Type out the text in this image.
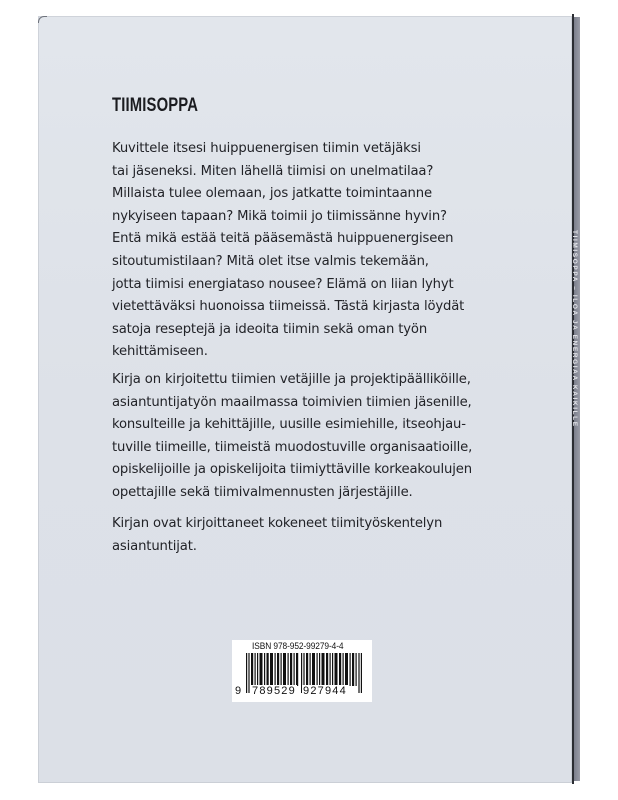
TIIMISOPPA – ILOA JA ENERGIAA KAIKILLE
TIIMISOPPA
Kuvittele itsesi huippuenergisen tiimin vetäjäksi
tai jäseneksi. Miten lähellä tiimisi on unelmatilaa?
Millaista tulee olemaan, jos jatkatte toimintaanne
nykyiseen tapaan? Mikä toimii jo tiimissänne hyvin?
Entä mikä estää teitä pääsemästä huippuenergiseen
sitoutumistilaan? Mitä olet itse valmis tekemään,
jotta tiimisi energiataso nousee? Elämä on liian lyhyt
vietettäväksi huonoissa tiimeissä. Tästä kirjasta löydät
satoja reseptejä ja ideoita tiimin sekä oman työn
kehittämiseen.
Kirja on kirjoitettu tiimien vetäjille ja projektipäälliköille,
asiantuntijatyön maailmassa toimivien tiimien jäsenille,
konsulteille ja kehittäjille, uusille esimiehille, itseohjau-
tuville tiimeille, tiimeistä muodostuville organisaatioille,
opiskelijoille ja opiskelijoita tiimiyttäville korkeakoulujen
opettajille sekä tiimivalmennusten järjestäjille.
Kirjan ovat kirjoittaneet kokeneet tiimityöskentelyn
asiantuntijat.
ISBN 978-952-99279-4-4
9 789529 927944
